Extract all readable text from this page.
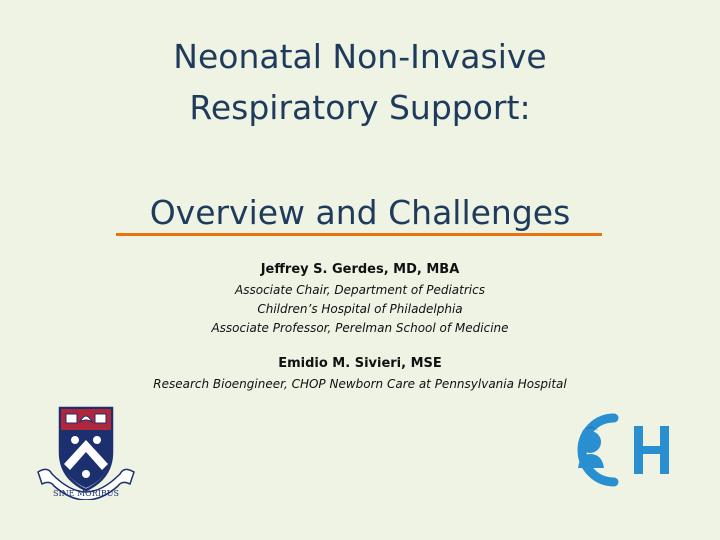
Neonatal Non-Invasive
Respiratory Support:
Overview and Challenges
Jeffrey S. Gerdes, MD, MBA
Associate Chair, Department of Pediatrics
Children’s Hospital of Philadelphia
Associate Professor, Perelman School of Medicine
Emidio M. Sivieri, MSE
Research Bioengineer, CHOP Newborn Care at Pennsylvania Hospital
SINE MORIBUS
